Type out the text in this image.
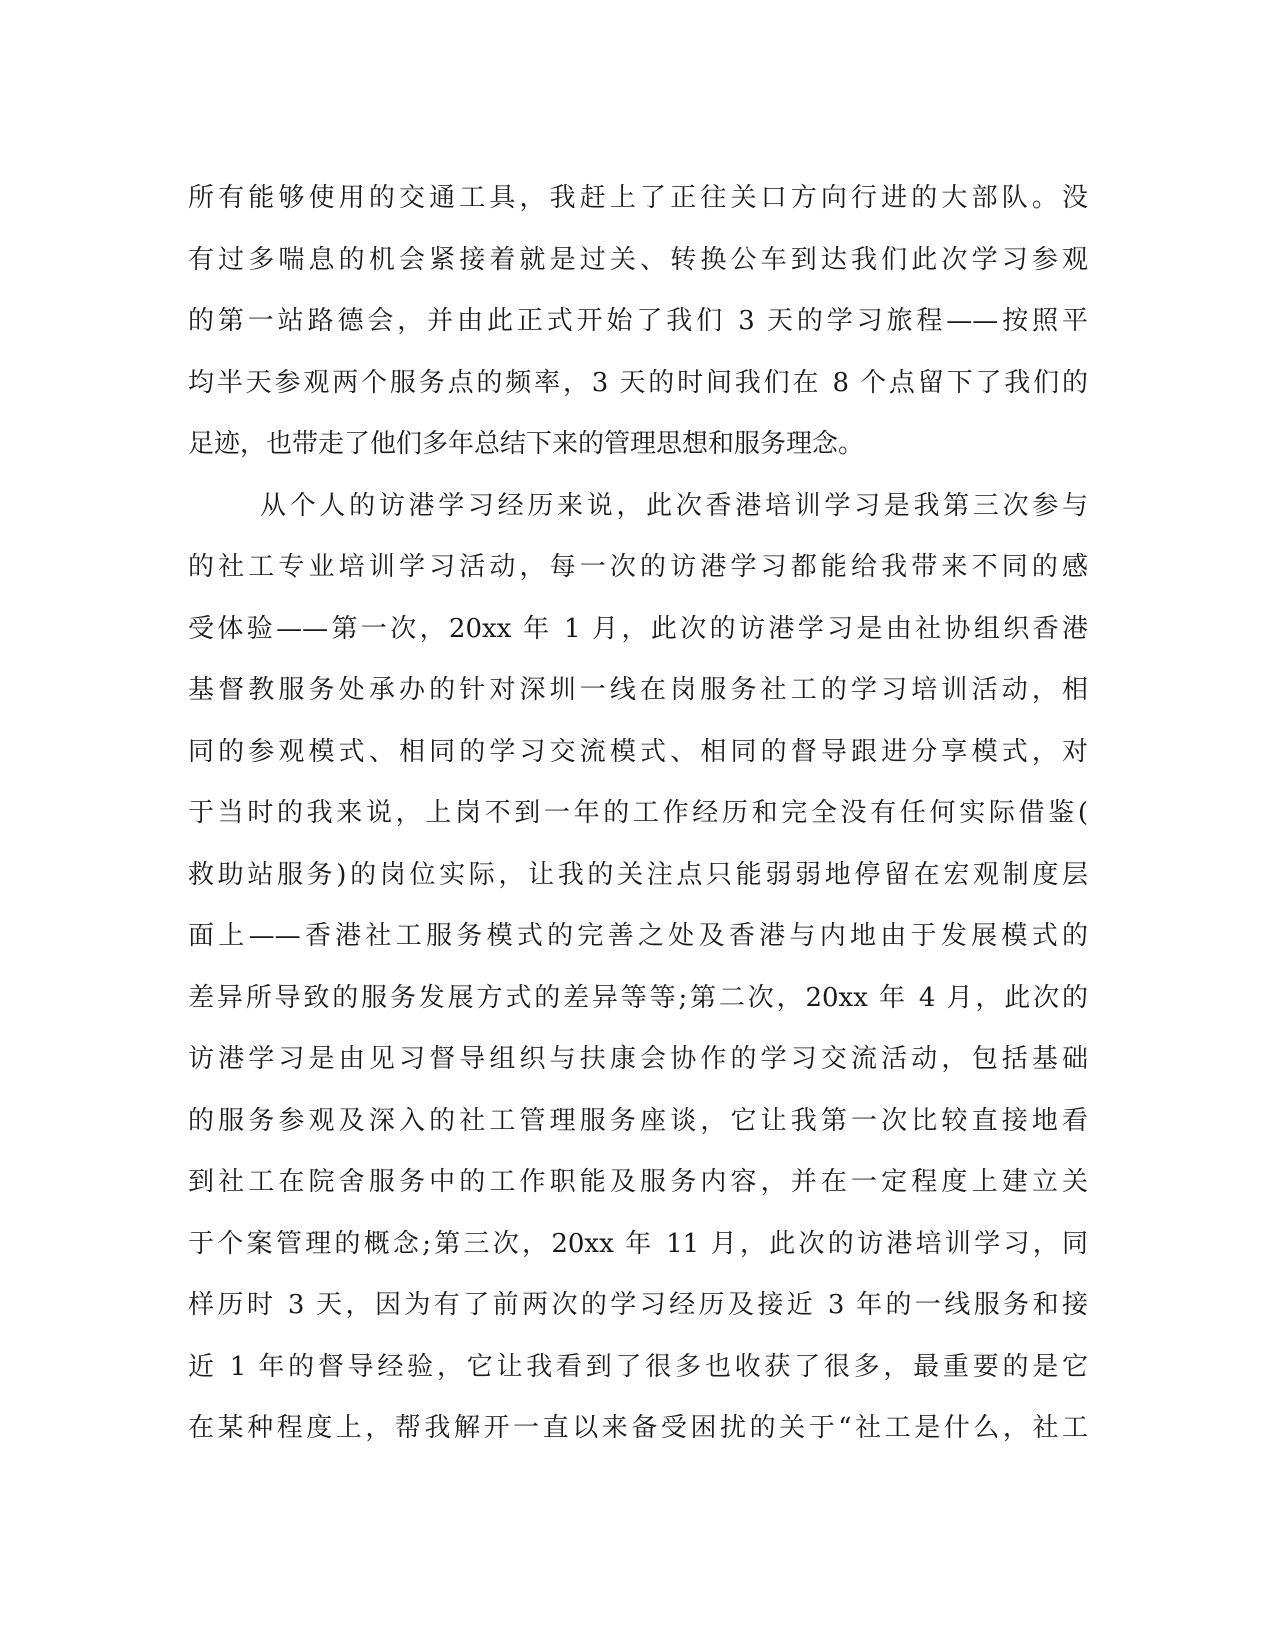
所有能够使用的交通工具，我赶上了正往关口方向行进的大部队。没
有过多喘息的机会紧接着就是过关、转换公车到达我们此次学习参观
的第一站路德会，并由此正式开始了我们 3 天的学习旅程——按照平
均半天参观两个服务点的频率，3 天的时间我们在 8 个点留下了我们的
足迹，也带走了他们多年总结下来的管理思想和服务理念。
从个人的访港学习经历来说，此次香港培训学习是我第三次参与
的社工专业培训学习活动，每一次的访港学习都能给我带来不同的感
受体验——第一次，20xx 年 1 月，此次的访港学习是由社协组织香港
基督教服务处承办的针对深圳一线在岗服务社工的学习培训活动，相
同的参观模式、相同的学习交流模式、相同的督导跟进分享模式，对
于当时的我来说，上岗不到一年的工作经历和完全没有任何实际借鉴(
救助站服务)的岗位实际，让我的关注点只能弱弱地停留在宏观制度层
面上——香港社工服务模式的完善之处及香港与内地由于发展模式的
差异所导致的服务发展方式的差异等等;第二次，20xx 年 4 月，此次的
访港学习是由见习督导组织与扶康会协作的学习交流活动，包括基础
的服务参观及深入的社工管理服务座谈，它让我第一次比较直接地看
到社工在院舍服务中的工作职能及服务内容，并在一定程度上建立关
于个案管理的概念;第三次，20xx 年 11 月，此次的访港培训学习，同
样历时 3 天，因为有了前两次的学习经历及接近 3 年的一线服务和接
近 1 年的督导经验，它让我看到了很多也收获了很多，最重要的是它
在某种程度上，帮我解开一直以来备受困扰的关于“社工是什么，社工
